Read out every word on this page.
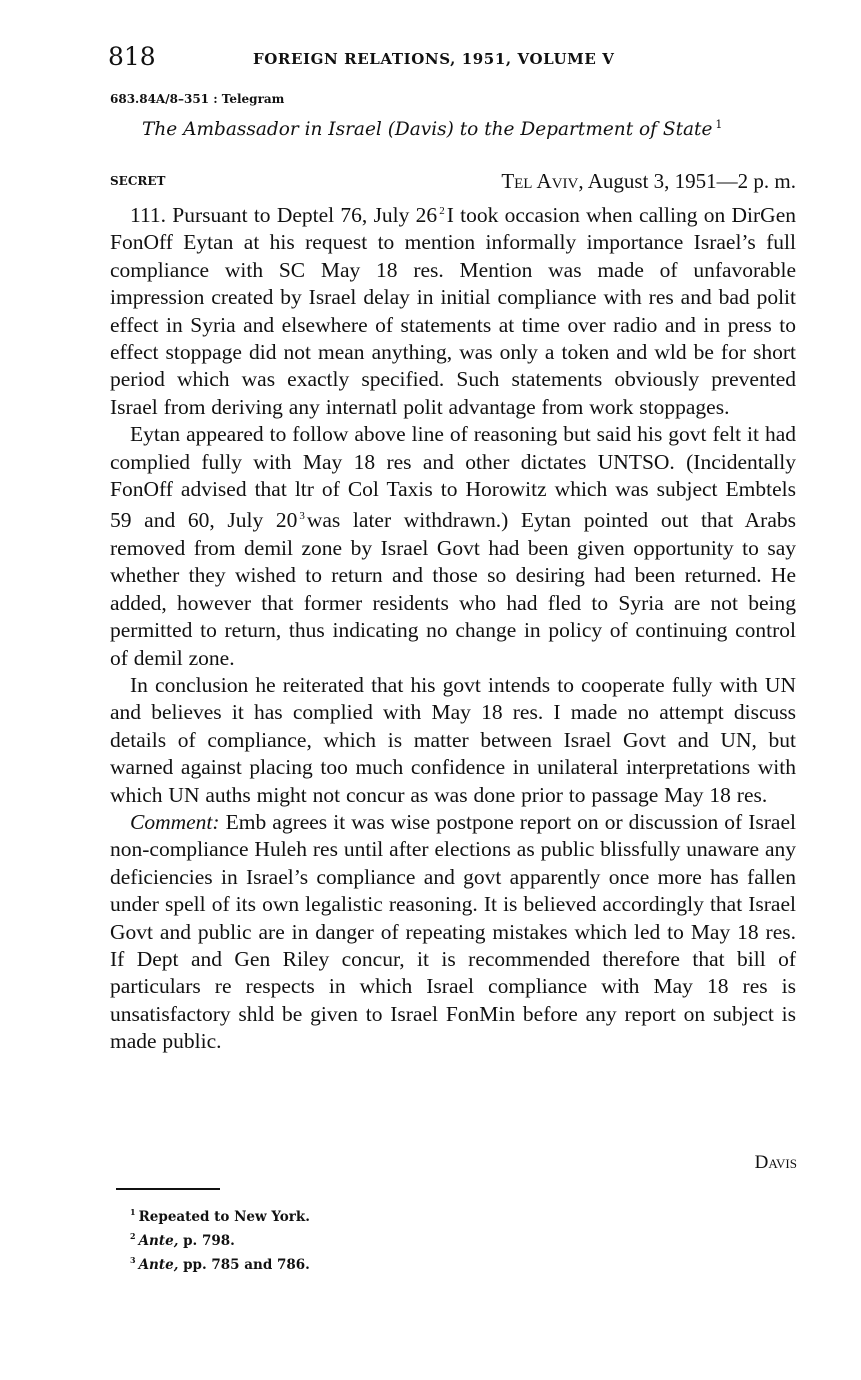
818	FOREIGN RELATIONS, 1951, VOLUME V
683.84A/8–351 : Telegram
The Ambassador in Israel (Davis) to the Department of State $^1$
SECRET	Tel Aviv, August 3, 1951—2 p. m.

111. Pursuant to Deptel 76, July 26 $^2$I took occasion when calling on DirGen FonOff Eytan at his request to mention informally importance Israel’s full compliance with SC May 18 res. Mention was made of unfavorable impression created by Israel delay in initial compliance with res and bad polit effect in Syria and elsewhere of statements at time over radio and in press to effect stoppage did not mean anything, was only a token and wld be for short period which was exactly specified. Such statements obviously prevented Israel from deriving any internatl polit advantage from work stoppages.

Eytan appeared to follow above line of reasoning but said his govt felt it had complied fully with May 18 res and other dictates UNTSO. (Incidentally FonOff advised that ltr of Col Taxis to Horowitz which was subject Embtels 59 and 60, July 20 $^3$was later withdrawn.) Eytan pointed out that Arabs removed from demil zone by Israel Govt had been given opportunity to say whether they wished to return and those so desiring had been returned. He added, however that former residents who had fled to Syria are not being permitted to return, thus indicating no change in policy of continuing control of demil zone.

In conclusion he reiterated that his govt intends to cooperate fully with UN and believes it has complied with May 18 res. I made no attempt discuss details of compliance, which is matter between Israel Govt and UN, but warned against placing too much confidence in unilateral interpretations with which UN auths might not concur as was done prior to passage May 18 res.

Comment: Emb agrees it was wise postpone report on or discussion of Israel non-compliance Huleh res until after elections as public blissfully unaware any deficiencies in Israel’s compliance and govt apparently once more has fallen under spell of its own legalistic reasoning. It is believed accordingly that Israel Govt and public are in danger of repeating mistakes which led to May 18 res. If Dept and Gen Riley concur, it is recommended therefore that bill of particulars re respects in which Israel compliance with May 18 res is unsatisfactory shld be given to Israel FonMin before any report on subject is made public.

Davis
$^1$ Repeated to New York.
$^2$ Ante, p. 798.
$^3$ Ante, pp. 785 and 786.
